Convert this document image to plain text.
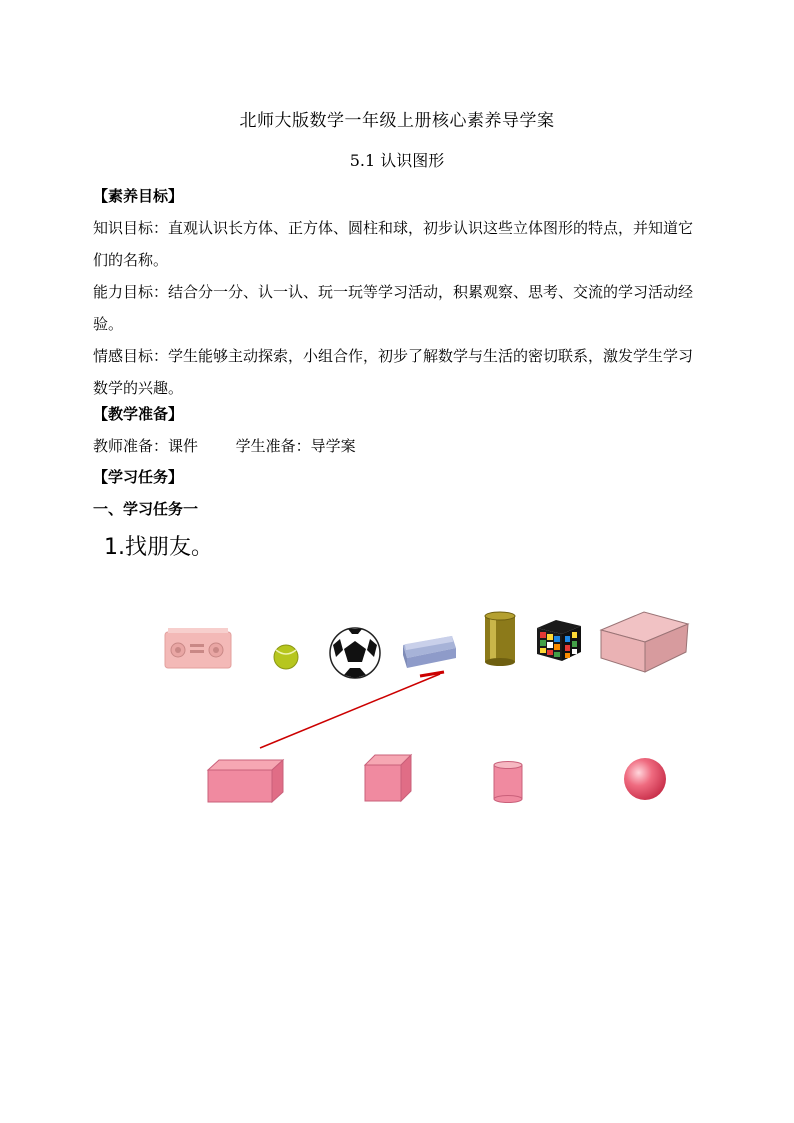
北师大版数学一年级上册核心素养导学案
5.1 认识图形
【素养目标】
知识目标：直观认识长方体、正方体、圆柱和球，初步认识这些立体图形的特点，并知道它们的名称。
能力目标：结合分一分、认一认、玩一玩等学习活动，积累观察、思考、交流的学习活动经验。
情感目标：学生能够主动探索，小组合作，初步了解数学与生活的密切联系，激发学生学习数学的兴趣。
【教学准备】
教师准备：课件	学生准备：导学案
【学习任务】
一、学习任务一
1.找朋友。
